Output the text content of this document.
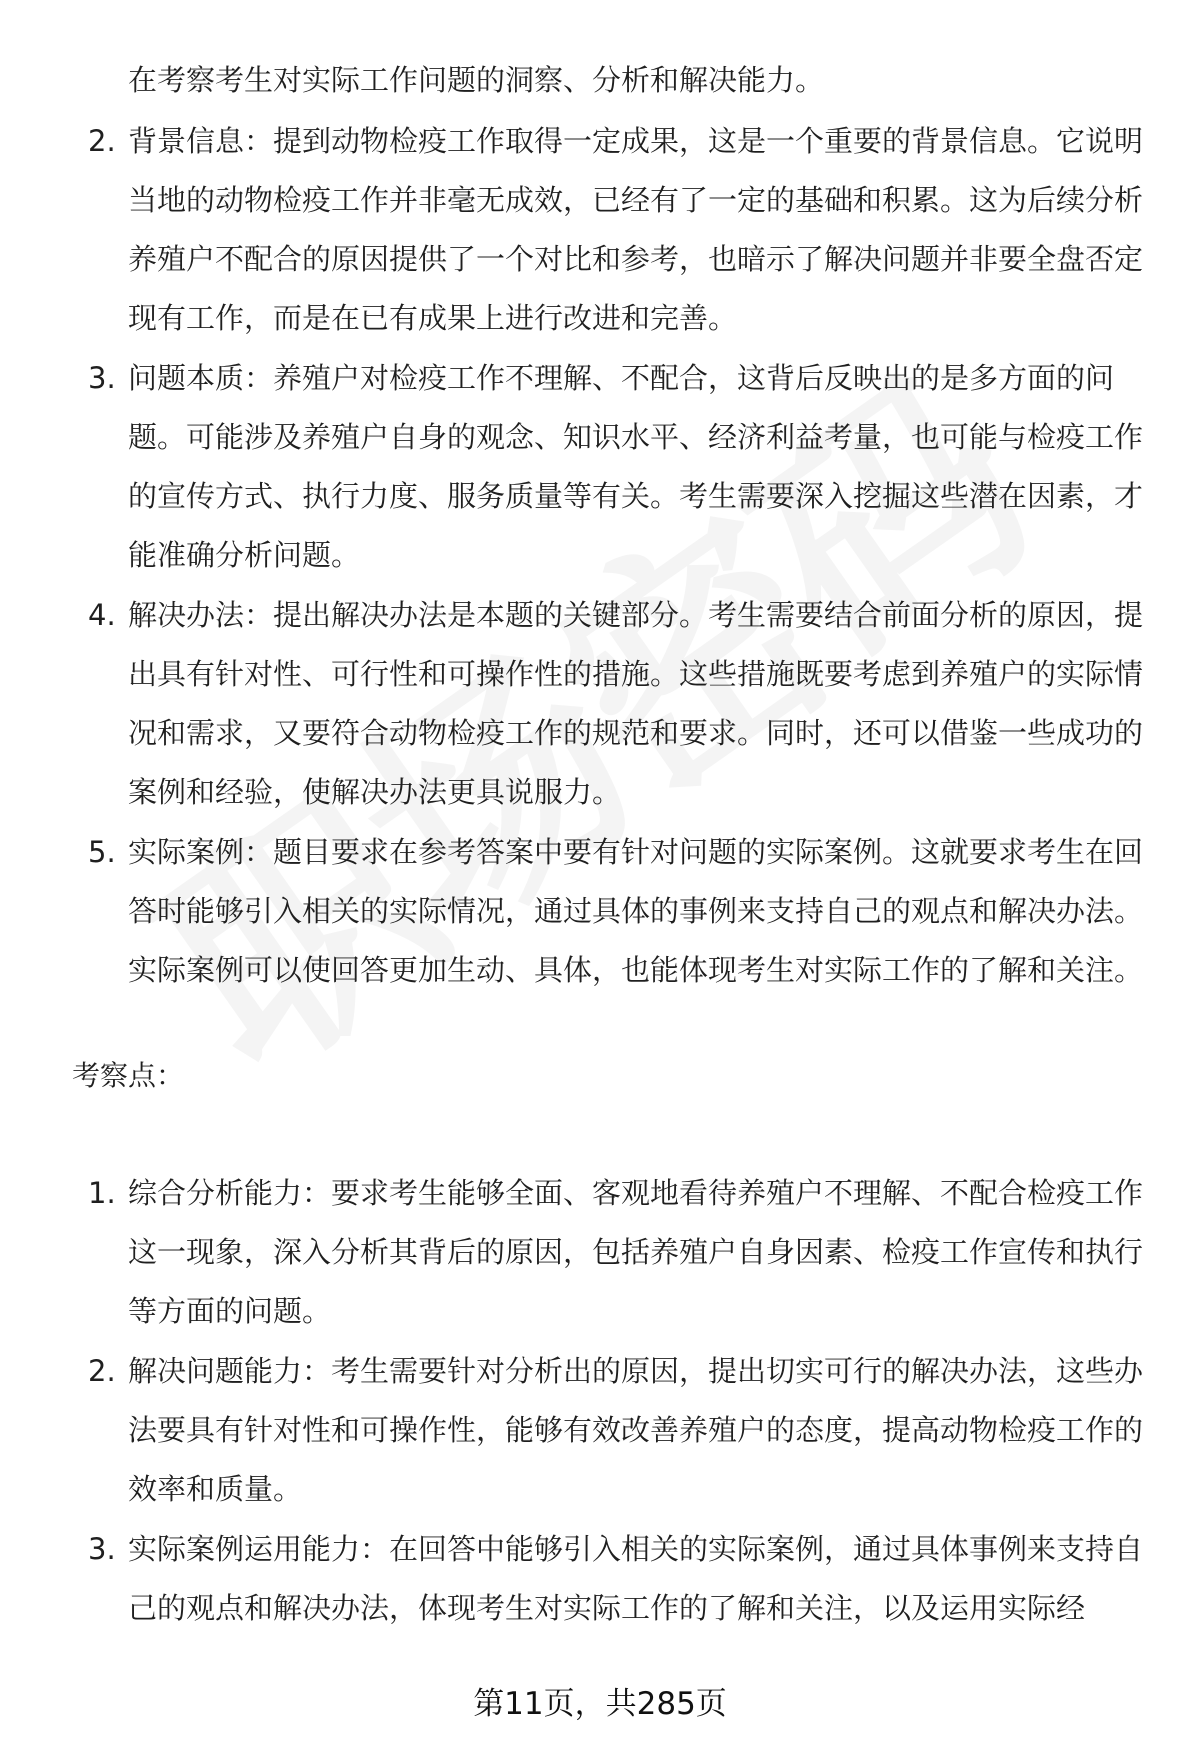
在考察考生对实际工作问题的洞察、分析和解决能力。
2. 背景信息：提到动物检疫工作取得一定成果，这是一个重要的背景信息。它说明当地的动物检疫工作并非毫无成效，已经有了一定的基础和积累。这为后续分析养殖户不配合的原因提供了一个对比和参考，也暗示了解决问题并非要全盘否定现有工作，而是在已有成果上进行改进和完善。
3. 问题本质：养殖户对检疫工作不理解、不配合，这背后反映出的是多方面的问题。可能涉及养殖户自身的观念、知识水平、经济利益考量，也可能与检疫工作的宣传方式、执行力度、服务质量等有关。考生需要深入挖掘这些潜在因素，才能准确分析问题。
4. 解决办法：提出解决办法是本题的关键部分。考生需要结合前面分析的原因，提出具有针对性、可行性和可操作性的措施。这些措施既要考虑到养殖户的实际情况和需求，又要符合动物检疫工作的规范和要求。同时，还可以借鉴一些成功的案例和经验，使解决办法更具说服力。
5. 实际案例：题目要求在参考答案中要有针对问题的实际案例。这就要求考生在回答时能够引入相关的实际情况，通过具体的事例来支持自己的观点和解决办法。实际案例可以使回答更加生动、具体，也能体现考生对实际工作的了解和关注。
考察点：
1. 综合分析能力：要求考生能够全面、客观地看待养殖户不理解、不配合检疫工作这一现象，深入分析其背后的原因，包括养殖户自身因素、检疫工作宣传和执行等方面的问题。
2. 解决问题能力：考生需要针对分析出的原因，提出切实可行的解决办法，这些办法要具有针对性和可操作性，能够有效改善养殖户的态度，提高动物检疫工作的效率和质量。
3. 实际案例运用能力：在回答中能够引入相关的实际案例，通过具体事例来支持自己的观点和解决办法，体现考生对实际工作的了解和关注，以及运用实际经
第11页，共285页
